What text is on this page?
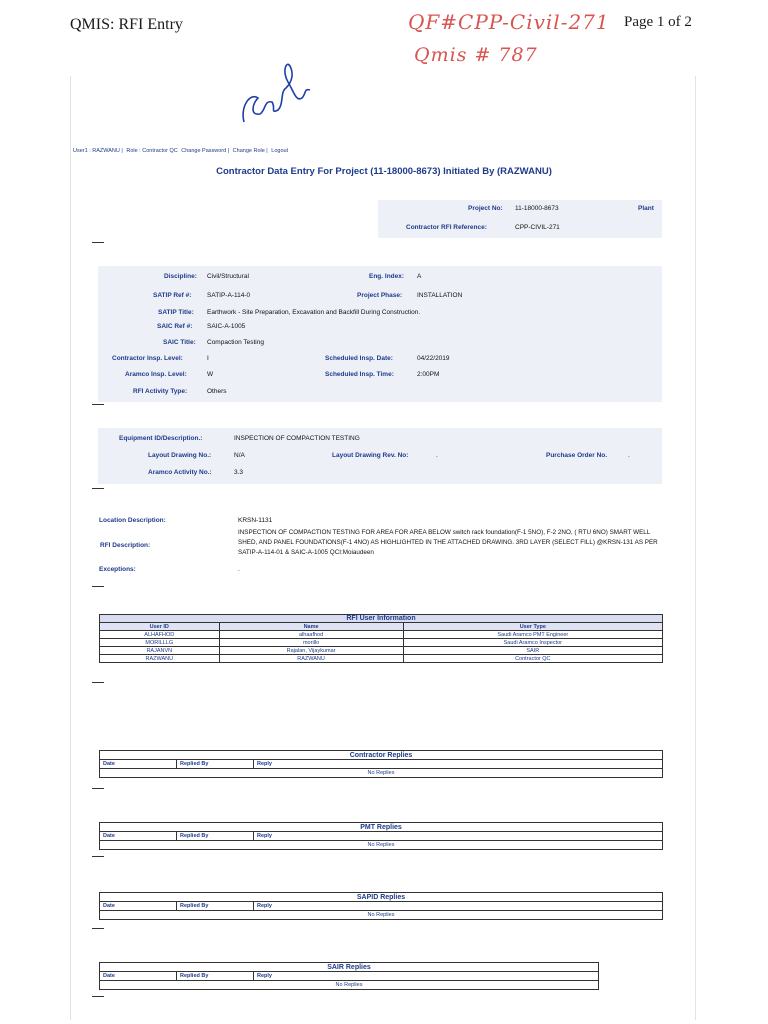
QMIS: RFI Entry	Page 1 of 2
QF#CPP-Civil-271
Qmis # 787
User1 : RAZWANU | Role : Contractor QC Change Password | Change Role | Logout
Contractor Data Entry For Project (11-18000-8673) Initiated By (RAZWANU)
Project No: 11-18000-8673	Plant
Contractor RFI Reference:	CPP-CIVIL-271
Discipline: Civil/Structural	Eng. Index: A
SATIP Ref #: SATIP-A-114-0	Project Phase: INSTALLATION
SATIP Title: Earthwork - Site Preparation, Excavation and Backfill During Construction.
SAIC Ref #: SAIC-A-1005
SAIC Title: Compaction Testing
Contractor Insp. Level:	I	Scheduled Insp. Date:	04/22/2019
Aramco Insp. Level:	W	Scheduled Insp. Time:	2:00PM
RFI Activity Type:	Others
Equipment ID/Description.:	INSPECTION OF COMPACTION TESTING
Layout Drawing No.:	N/A	Layout Drawing Rev. No:	.	Purchase Order No.	.
Aramco Activity No.:	3.3
Location Description:	KRSN-1131
RFI Description:
INSPECTION OF COMPACTION TESTING FOR AREA FOR AREA BELOW switch rack foundation(F-1 5NO), F-2 2NO, ( RTU 6NO) SMART WELL SHED, AND PANEL FOUNDATIONS(F-1 4NO) AS HIGHLIGHTED IN THE ATTACHED DRAWING. 3RD LAYER (SELECT FILL) @KRSN-131 AS PER SATIP-A-114-01 & SAIC-A-1005 QCI:Moiaudeen
Exceptions:	.
RFI User Information		
User ID	Name	User Type
ALHAFHOD	alhaafhod	Saudi Aramco PMT Engineer
MORILLLG	morillo	Saudi Aramco Inspector
RAJANVN	Rajalan, Vijaykumar	SAIR
RAZWANU	RAZWANU	Contractor QC
Contractor Replies
Date	Replied By	Reply
No Replies
PMT Replies
Date	Replied By	Reply
No Replies
SAPID Replies
Date	Replied By	Reply
No Replies
SAIR Replies
Date	Replied By	Reply
No Replies
